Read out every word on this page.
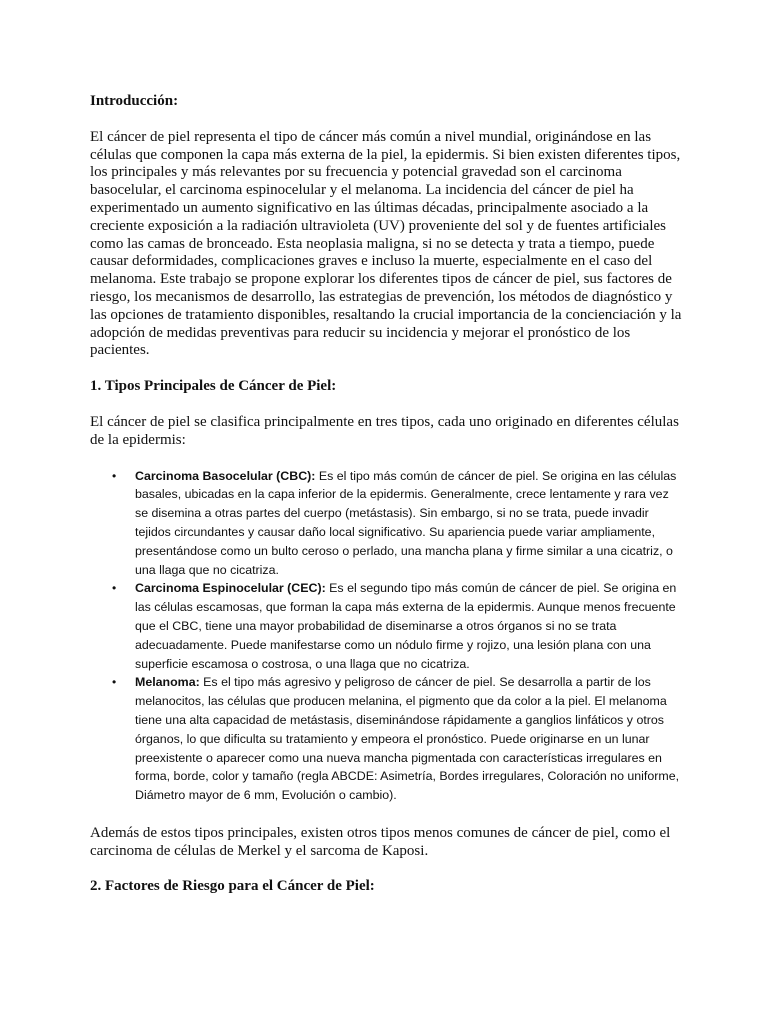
Introducción:

El cáncer de piel representa el tipo de cáncer más común a nivel mundial, originándose en las células que componen la capa más externa de la piel, la epidermis. Si bien existen diferentes tipos, los principales y más relevantes por su frecuencia y potencial gravedad son el carcinoma basocelular, el carcinoma espinocelular y el melanoma. La incidencia del cáncer de piel ha experimentado un aumento significativo en las últimas décadas, principalmente asociado a la creciente exposición a la radiación ultravioleta (UV) proveniente del sol y de fuentes artificiales como las camas de bronceado. Esta neoplasia maligna, si no se detecta y trata a tiempo, puede causar deformidades, complicaciones graves e incluso la muerte, especialmente en el caso del melanoma. Este trabajo se propone explorar los diferentes tipos de cáncer de piel, sus factores de riesgo, los mecanismos de desarrollo, las estrategias de prevención, los métodos de diagnóstico y las opciones de tratamiento disponibles, resaltando la crucial importancia de la concienciación y la adopción de medidas preventivas para reducir su incidencia y mejorar el pronóstico de los pacientes.

1. Tipos Principales de Cáncer de Piel:

El cáncer de piel se clasifica principalmente en tres tipos, cada uno originado en diferentes células de la epidermis:

• Carcinoma Basocelular (CBC): Es el tipo más común de cáncer de piel. Se origina en las células basales, ubicadas en la capa inferior de la epidermis. Generalmente, crece lentamente y rara vez se disemina a otras partes del cuerpo (metástasis). Sin embargo, si no se trata, puede invadir tejidos circundantes y causar daño local significativo. Su apariencia puede variar ampliamente, presentándose como un bulto ceroso o perlado, una mancha plana y firme similar a una cicatriz, o una llaga que no cicatriza.
• Carcinoma Espinocelular (CEC): Es el segundo tipo más común de cáncer de piel. Se origina en las células escamosas, que forman la capa más externa de la epidermis. Aunque menos frecuente que el CBC, tiene una mayor probabilidad de diseminarse a otros órganos si no se trata adecuadamente. Puede manifestarse como un nódulo firme y rojizo, una lesión plana con una superficie escamosa o costrosa, o una llaga que no cicatriza.
• Melanoma: Es el tipo más agresivo y peligroso de cáncer de piel. Se desarrolla a partir de los melanocitos, las células que producen melanina, el pigmento que da color a la piel. El melanoma tiene una alta capacidad de metástasis, diseminándose rápidamente a ganglios linfáticos y otros órganos, lo que dificulta su tratamiento y empeora el pronóstico. Puede originarse en un lunar preexistente o aparecer como una nueva mancha pigmentada con características irregulares en forma, borde, color y tamaño (regla ABCDE: Asimetría, Bordes irregulares, Coloración no uniforme, Diámetro mayor de 6 mm, Evolución o cambio).

Además de estos tipos principales, existen otros tipos menos comunes de cáncer de piel, como el carcinoma de células de Merkel y el sarcoma de Kaposi.

2. Factores de Riesgo para el Cáncer de Piel:
